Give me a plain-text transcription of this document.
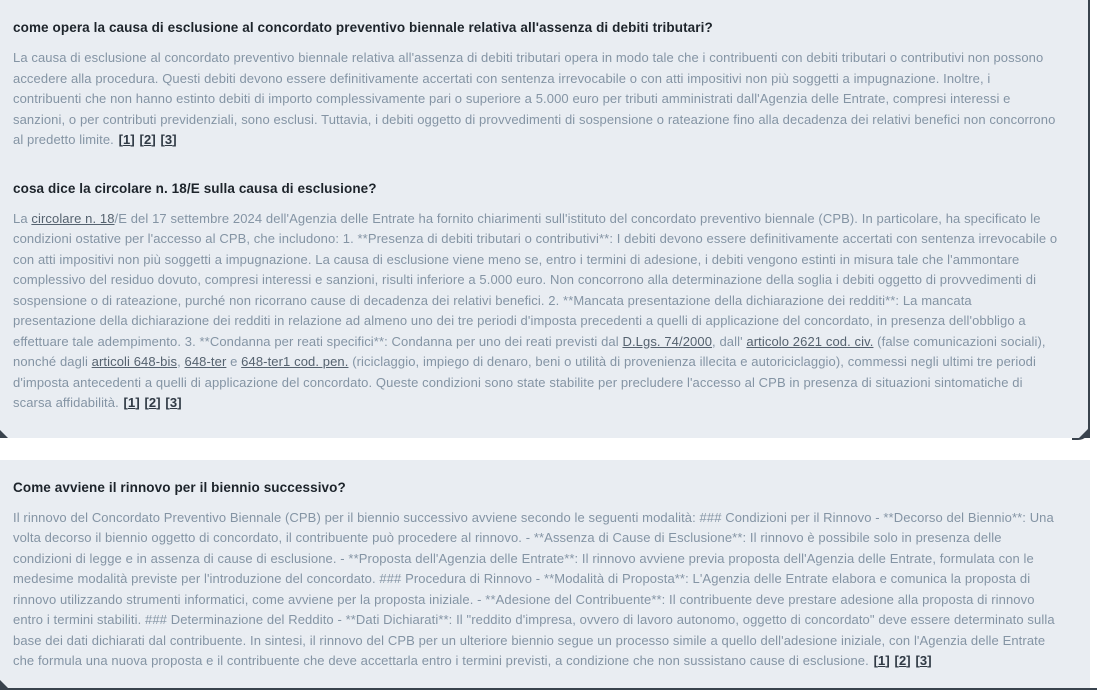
come opera la causa di esclusione al concordato preventivo biennale relativa all'assenza di debiti tributari?

La causa di esclusione al concordato preventivo biennale relativa all'assenza di debiti tributari opera in modo tale che i contribuenti con debiti tributari o contributivi non possono accedere alla procedura. Questi debiti devono essere definitivamente accertati con sentenza irrevocabile o con atti impositivi non più soggetti a impugnazione. Inoltre, i contribuenti che non hanno estinto debiti di importo complessivamente pari o superiore a 5.000 euro per tributi amministrati dall'Agenzia delle Entrate, compresi interessi e sanzioni, o per contributi previdenziali, sono esclusi. Tuttavia, i debiti oggetto di provvedimenti di sospensione o rateazione fino alla decadenza dei relativi benefici non concorrono al predetto limite. [1] [2] [3]

cosa dice la circolare n. 18/E sulla causa di esclusione?

La circolare n. 18/E del 17 settembre 2024 dell'Agenzia delle Entrate ha fornito chiarimenti sull'istituto del concordato preventivo biennale (CPB). In particolare, ha specificato le condizioni ostative per l'accesso al CPB, che includono: 1. **Presenza di debiti tributari o contributivi**: I debiti devono essere definitivamente accertati con sentenza irrevocabile o con atti impositivi non più soggetti a impugnazione. La causa di esclusione viene meno se, entro i termini di adesione, i debiti vengono estinti in misura tale che l'ammontare complessivo del residuo dovuto, compresi interessi e sanzioni, risulti inferiore a 5.000 euro. Non concorrono alla determinazione della soglia i debiti oggetto di provvedimenti di sospensione o di rateazione, purché non ricorrano cause di decadenza dei relativi benefici. 2. **Mancata presentazione della dichiarazione dei redditi**: La mancata presentazione della dichiarazione dei redditi in relazione ad almeno uno dei tre periodi d'imposta precedenti a quelli di applicazione del concordato, in presenza dell'obbligo a effettuare tale adempimento. 3. **Condanna per reati specifici**: Condanna per uno dei reati previsti dal D.Lgs. 74/2000, dall' articolo 2621 cod. civ. (false comunicazioni sociali), nonché dagli articoli 648-bis, 648-ter e 648-ter1 cod. pen. (riciclaggio, impiego di denaro, beni o utilità di provenienza illecita e autoriciclaggio), commessi negli ultimi tre periodi d'imposta antecedenti a quelli di applicazione del concordato. Queste condizioni sono state stabilite per precludere l'accesso al CPB in presenza di situazioni sintomatiche di scarsa affidabilità. [1] [2] [3]

Come avviene il rinnovo per il biennio successivo?

Il rinnovo del Concordato Preventivo Biennale (CPB) per il biennio successivo avviene secondo le seguenti modalità: ### Condizioni per il Rinnovo - **Decorso del Biennio**: Una volta decorso il biennio oggetto di concordato, il contribuente può procedere al rinnovo. - **Assenza di Cause di Esclusione**: Il rinnovo è possibile solo in presenza delle condizioni di legge e in assenza di cause di esclusione. - **Proposta dell'Agenzia delle Entrate**: Il rinnovo avviene previa proposta dell'Agenzia delle Entrate, formulata con le medesime modalità previste per l'introduzione del concordato. ### Procedura di Rinnovo - **Modalità di Proposta**: L'Agenzia delle Entrate elabora e comunica la proposta di rinnovo utilizzando strumenti informatici, come avviene per la proposta iniziale. - **Adesione del Contribuente**: Il contribuente deve prestare adesione alla proposta di rinnovo entro i termini stabiliti. ### Determinazione del Reddito - **Dati Dichiarati**: Il "reddito d'impresa, ovvero di lavoro autonomo, oggetto di concordato" deve essere determinato sulla base dei dati dichiarati dal contribuente. In sintesi, il rinnovo del CPB per un ulteriore biennio segue un processo simile a quello dell'adesione iniziale, con l'Agenzia delle Entrate che formula una nuova proposta e il contribuente che deve accettarla entro i termini previsti, a condizione che non sussistano cause di esclusione. [1] [2] [3]
